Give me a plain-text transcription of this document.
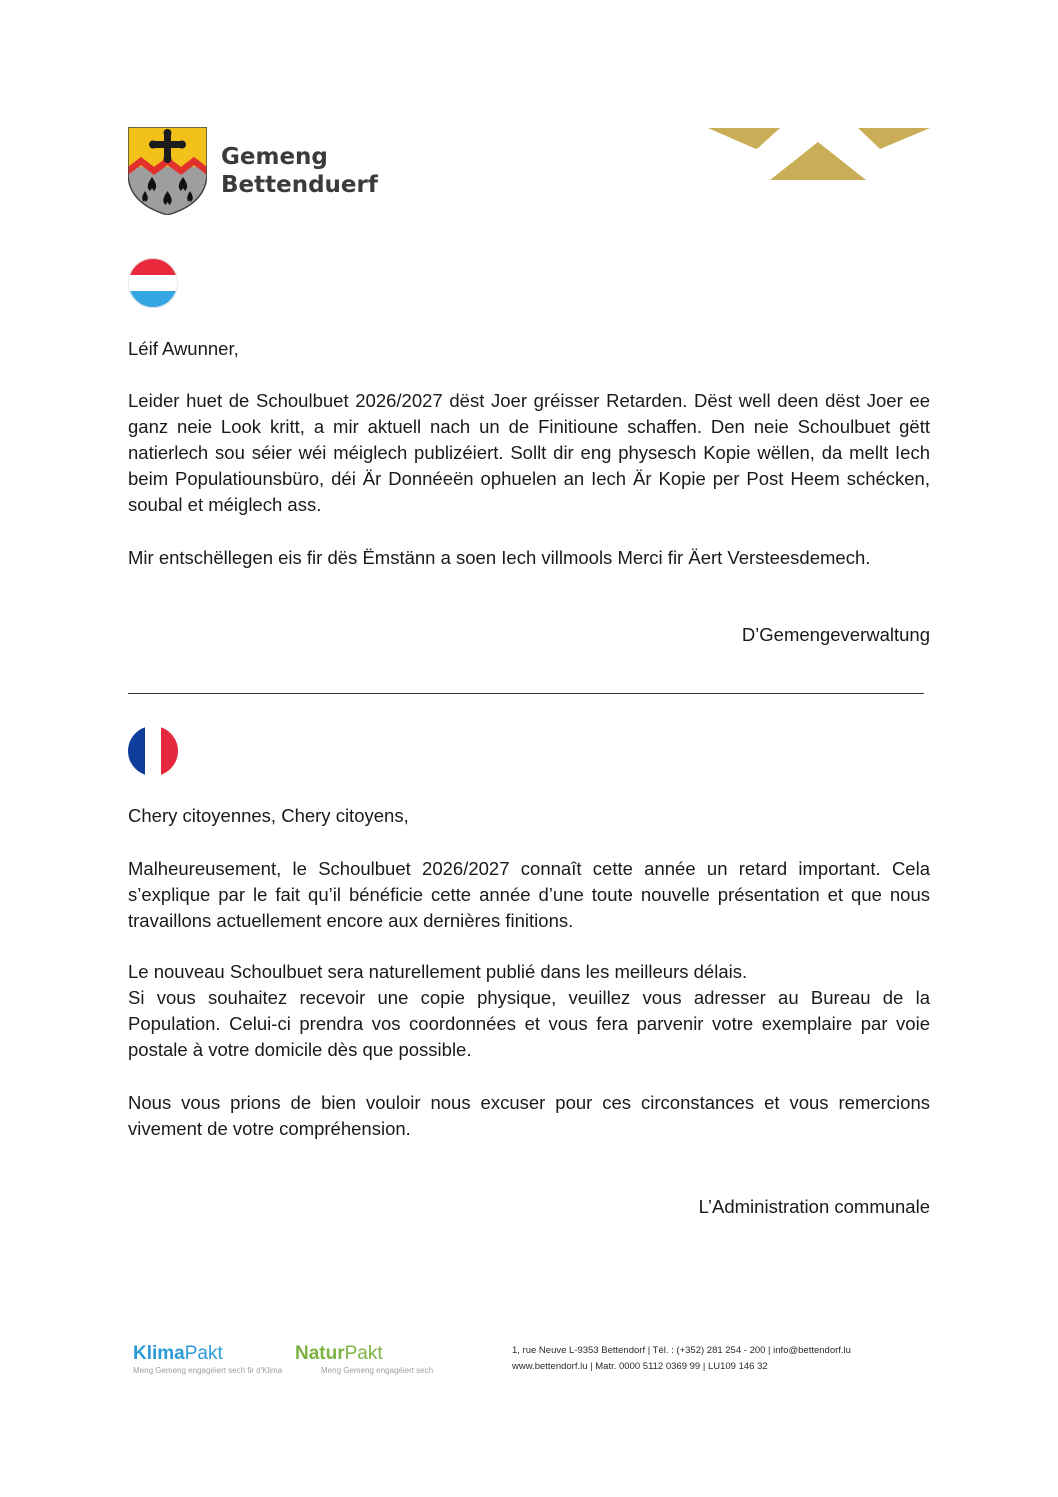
Gemeng
Bettenduerf
Léif Awunner,
Leider huet de Schoulbuet 2026/2027 dëst Joer gréisser Retarden. Dëst well deen dëst Joer ee ganz neie Look kritt, a mir aktuell nach un de Finitioune schaffen. Den neie Schoulbuet gëtt natierlech sou séier wéi méiglech publizéiert. Sollt dir eng physesch Kopie wëllen, da mellt Iech beim Populatiounsbüro, déi Är Donnéeën ophuelen an Iech Är Kopie per Post Heem schécken, soubal et méiglech ass.
Mir entschëllegen eis fir dës Ëmstänn a soen Iech villmools Merci fir Äert Versteesdemech.
D’Gemengeverwaltung
Chery citoyennes, Chery citoyens,
Malheureusement, le Schoulbuet 2026/2027 connaît cette année un retard important. Cela s’explique par le fait qu’il bénéficie cette année d’une toute nouvelle présentation et que nous travaillons actuellement encore aux dernières finitions.
Le nouveau Schoulbuet sera naturellement publié dans les meilleurs délais.
Si vous souhaitez recevoir une copie physique, veuillez vous adresser au Bureau de la Population. Celui-ci prendra vos coordonnées et vous fera parvenir votre exemplaire par voie postale à votre domicile dès que possible.
Nous vous prions de bien vouloir nous excuser pour ces circonstances et vous remercions vivement de votre compréhension.
L’Administration communale
KlimaPakt
Meng Gemeng engagéiert sech fir d'Klima
NaturPakt
Meng Gemeng engagéiert sech
1, rue Neuve L-9353 Bettendorf | Tél. : (+352) 281 254 - 200 | info@bettendorf.lu
www.bettendorf.lu | Matr. 0000 5112 0369 99 | LU109 146 32
